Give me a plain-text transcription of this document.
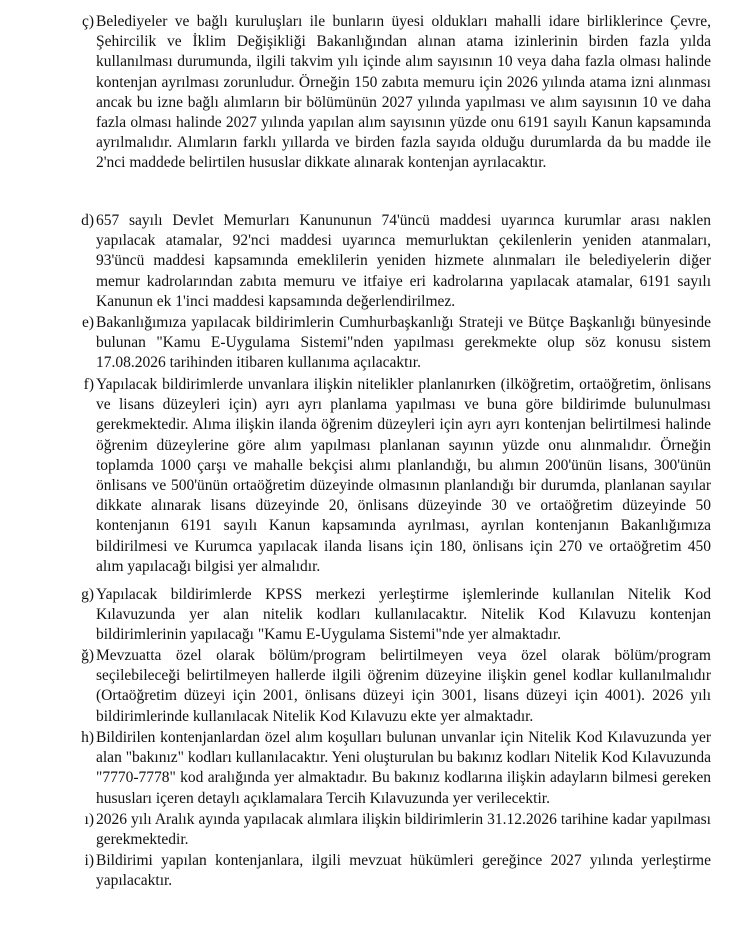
ç) Belediyeler ve bağlı kuruluşları ile bunların üyesi oldukları mahalli idare birliklerince Çevre, Şehircilik ve İklim Değişikliği Bakanlığından alınan atama izinlerinin birden fazla yılda kullanılması durumunda, ilgili takvim yılı içinde alım sayısının 10 veya daha fazla olması halinde kontenjan ayrılması zorunludur. Örneğin 150 zabıta memuru için 2026 yılında atama izni alınması ancak bu izne bağlı alımların bir bölümünün 2027 yılında yapılması ve alım sayısının 10 ve daha fazla olması halinde 2027 yılında yapılan alım sayısının yüzde onu 6191 sayılı Kanun kapsamında ayrılmalıdır. Alımların farklı yıllarda ve birden fazla sayıda olduğu durumlarda da bu madde ile 2'nci maddede belirtilen hususlar dikkate alınarak kontenjan ayrılacaktır.
d) 657 sayılı Devlet Memurları Kanununun 74'üncü maddesi uyarınca kurumlar arası naklen yapılacak atamalar, 92'nci maddesi uyarınca memurluktan çekilenlerin yeniden atanmaları, 93'üncü maddesi kapsamında emeklilerin yeniden hizmete alınmaları ile belediyelerin diğer memur kadrolarından zabıta memuru ve itfaiye eri kadrolarına yapılacak atamalar, 6191 sayılı Kanunun ek 1'inci maddesi kapsamında değerlendirilmez.
e) Bakanlığımıza yapılacak bildirimlerin Cumhurbaşkanlığı Strateji ve Bütçe Başkanlığı bünyesinde bulunan "Kamu E-Uygulama Sistemi"nden yapılması gerekmekte olup söz konusu sistem 17.08.2026 tarihinden itibaren kullanıma açılacaktır.
f) Yapılacak bildirimlerde unvanlara ilişkin nitelikler planlanırken (ilköğretim, ortaöğretim, önlisans ve lisans düzeyleri için) ayrı ayrı planlama yapılması ve buna göre bildirimde bulunulması gerekmektedir. Alıma ilişkin ilanda öğrenim düzeyleri için ayrı ayrı kontenjan belirtilmesi halinde öğrenim düzeylerine göre alım yapılması planlanan sayının yüzde onu alınmalıdır. Örneğin toplamda 1000 çarşı ve mahalle bekçisi alımı planlandığı, bu alımın 200'ünün lisans, 300'ünün önlisans ve 500'ünün ortaöğretim düzeyinde olmasının planlandığı bir durumda, planlanan sayılar dikkate alınarak lisans düzeyinde 20, önlisans düzeyinde 30 ve ortaöğretim düzeyinde 50 kontenjanın 6191 sayılı Kanun kapsamında ayrılması, ayrılan kontenjanın Bakanlığımıza bildirilmesi ve Kurumca yapılacak ilanda lisans için 180, önlisans için 270 ve ortaöğretim 450 alım yapılacağı bilgisi yer almalıdır.
g) Yapılacak bildirimlerde KPSS merkezi yerleştirme işlemlerinde kullanılan Nitelik Kod Kılavuzunda yer alan nitelik kodları kullanılacaktır. Nitelik Kod Kılavuzu kontenjan bildirimlerinin yapılacağı "Kamu E-Uygulama Sistemi"nde yer almaktadır.
ğ) Mevzuatta özel olarak bölüm/program belirtilmeyen veya özel olarak bölüm/program seçilebileceği belirtilmeyen hallerde ilgili öğrenim düzeyine ilişkin genel kodlar kullanılmalıdır (Ortaöğretim düzeyi için 2001, önlisans düzeyi için 3001, lisans düzeyi için 4001). 2026 yılı bildirimlerinde kullanılacak Nitelik Kod Kılavuzu ekte yer almaktadır.
h) Bildirilen kontenjanlardan özel alım koşulları bulunan unvanlar için Nitelik Kod Kılavuzunda yer alan "bakınız" kodları kullanılacaktır. Yeni oluşturulan bu bakınız kodları Nitelik Kod Kılavuzunda "7770-7778" kod aralığında yer almaktadır. Bu bakınız kodlarına ilişkin adayların bilmesi gereken hususları içeren detaylı açıklamalara Tercih Kılavuzunda yer verilecektir.
ı) 2026 yılı Aralık ayında yapılacak alımlara ilişkin bildirimlerin 31.12.2026 tarihine kadar yapılması gerekmektedir.
i) Bildirimi yapılan kontenjanlara, ilgili mevzuat hükümleri gereğince 2027 yılında yerleştirme yapılacaktır.
